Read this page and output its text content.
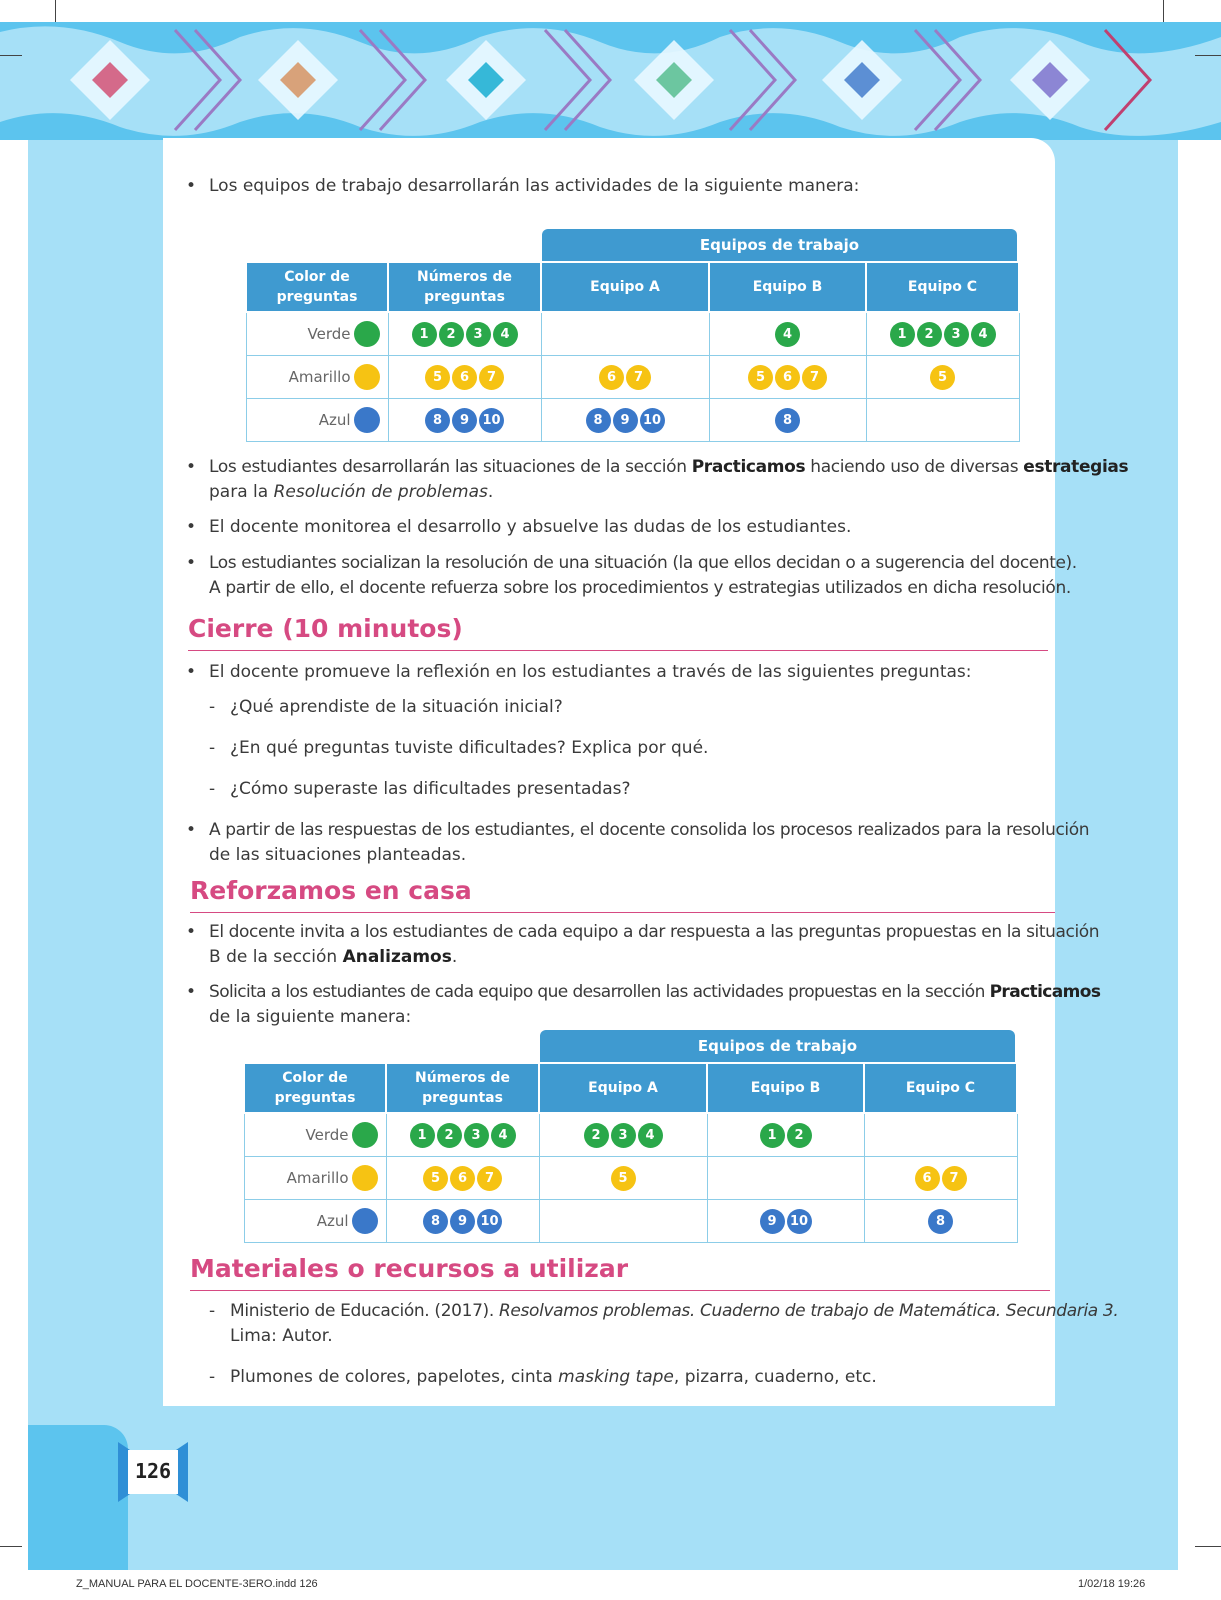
• Los equipos de trabajo desarrollarán las actividades de la siguiente manera:
Equipos de trabajo
Color de preguntas	Números de preguntas	Equipo A	Equipo B	Equipo C
Verde	1 2 3 4		4	1 2 3 4
Amarillo	5 6 7	6 7	5 6 7	5
Azul	8 9 10	8 9 10	8	
• Los estudiantes desarrollarán las situaciones de la sección Practicamos haciendo uso de diversas estrategias
para la Resolución de problemas.
• El docente monitorea el desarrollo y absuelve las dudas de los estudiantes.
• Los estudiantes socializan la resolución de una situación (la que ellos decidan o a sugerencia del docente).
A partir de ello, el docente refuerza sobre los procedimientos y estrategias utilizados en dicha resolución.
Cierre (10 minutos)
• El docente promueve la reflexión en los estudiantes a través de las siguientes preguntas:
- ¿Qué aprendiste de la situación inicial?
- ¿En qué preguntas tuviste dificultades? Explica por qué.
- ¿Cómo superaste las dificultades presentadas?
• A partir de las respuestas de los estudiantes, el docente consolida los procesos realizados para la resolución
de las situaciones planteadas.
Reforzamos en casa
• El docente invita a los estudiantes de cada equipo a dar respuesta a las preguntas propuestas en la situación
B de la sección Analizamos.
• Solicita a los estudiantes de cada equipo que desarrollen las actividades propuestas en la sección Practicamos
de la siguiente manera:
Equipos de trabajo
Color de preguntas	Números de preguntas	Equipo A	Equipo B	Equipo C
Verde	1 2 3 4	2 3 4	1 2	
Amarillo	5 6 7	5		6 7
Azul	8 9 10		9 10	8
Materiales o recursos a utilizar
- Ministerio de Educación. (2017). Resolvamos problemas. Cuaderno de trabajo de Matemática. Secundaria 3.
Lima: Autor.
- Plumones de colores, papelotes, cinta masking tape, pizarra, cuaderno, etc.
126
Z_MANUAL PARA EL DOCENTE-3ERO.indd 126	1/02/18 19:26
